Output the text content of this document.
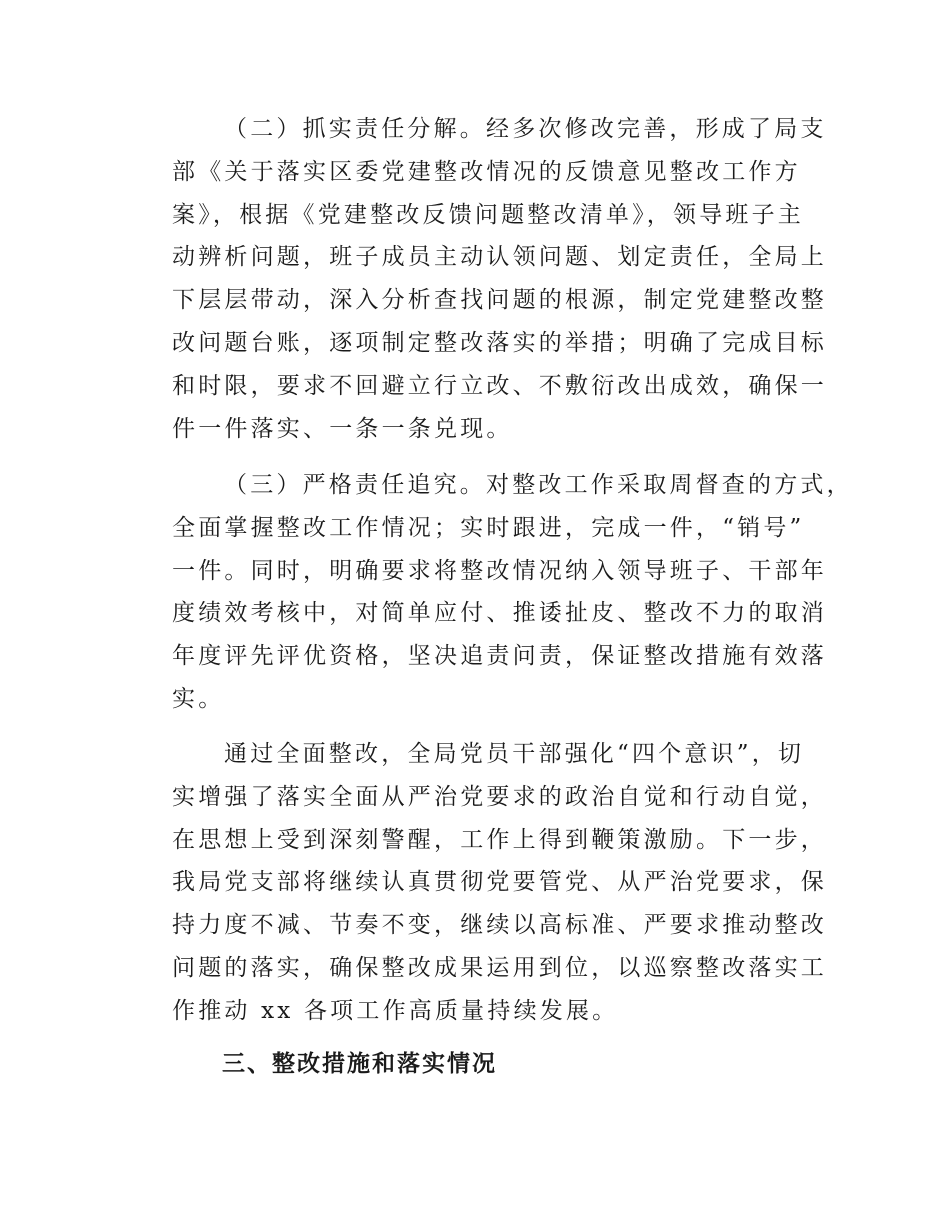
（二）抓实责任分解。经多次修改完善，形成了局支
部《关于落实区委党建整改情况的反馈意见整改工作方
案》，根据《党建整改反馈问题整改清单》，领导班子主
动辨析问题，班子成员主动认领问题、划定责任，全局上
下层层带动，深入分析查找问题的根源，制定党建整改整
改问题台账，逐项制定整改落实的举措；明确了完成目标
和时限，要求不回避立行立改、不敷衍改出成效，确保一
件一件落实、一条一条兑现。
（三）严格责任追究。对整改工作采取周督查的方式，
全面掌握整改工作情况；实时跟进，完成一件，“销号”
一件。同时，明确要求将整改情况纳入领导班子、干部年
度绩效考核中，对简单应付、推诿扯皮、整改不力的取消
年度评先评优资格，坚决追责问责，保证整改措施有效落
实。
通过全面整改，全局党员干部强化“四个意识”，切
实增强了落实全面从严治党要求的政治自觉和行动自觉，
在思想上受到深刻警醒，工作上得到鞭策激励。下一步，
我局党支部将继续认真贯彻党要管党、从严治党要求，保
持力度不减、节奏不变，继续以高标准、严要求推动整改
问题的落实，确保整改成果运用到位，以巡察整改落实工
作推动 xx 各项工作高质量持续发展。
三、整改措施和落实情况
